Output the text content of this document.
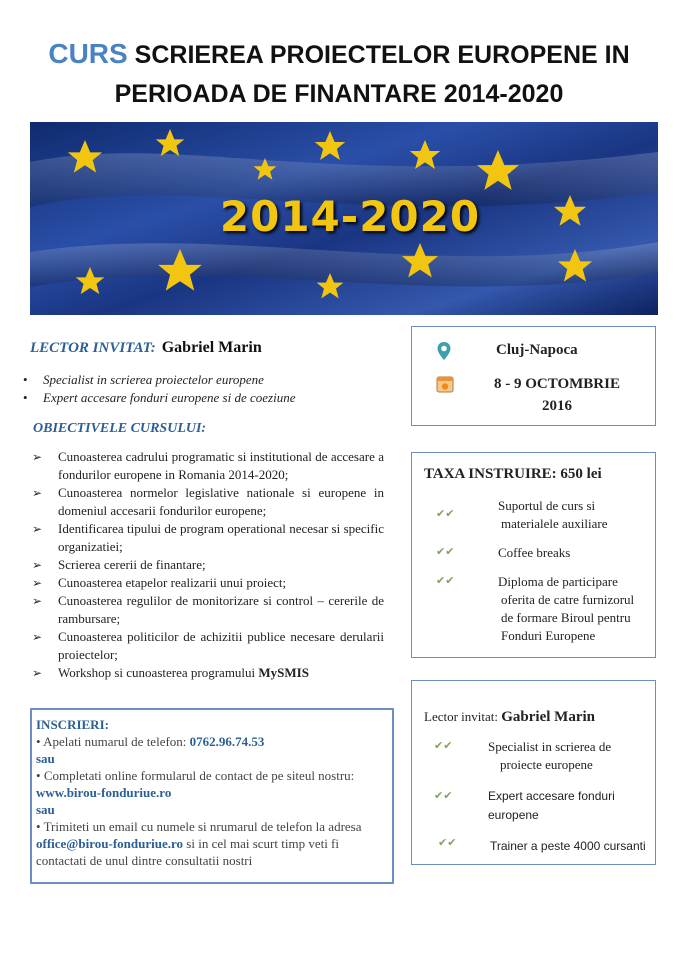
CURS SCRIEREA PROIECTELOR EUROPENE IN
PERIOADA DE FINANTARE 2014-2020
2014-2020
LECTOR INVITAT: Gabriel Marin
• Specialist in scrierea proiectelor europene
• Expert accesare fonduri europene si de coeziune
OBIECTIVELE CURSULUI:
➢ Cunoasterea cadrului programatic si institutional de accesare a fondurilor europene in Romania 2014-2020;
➢ Cunoasterea normelor legislative nationale si europene in domeniul accesarii fondurilor europene;
➢ Identificarea tipului de program operational necesar si specific organizatiei;
➢ Scrierea cererii de finantare;
➢ Cunoasterea etapelor realizarii unui proiect;
➢ Cunoasterea regulilor de monitorizare si control – cererile de rambursare;
➢ Cunoasterea politicilor de achizitii publice necesare derularii proiectelor;
➢ Workshop si cunoasterea programului MySMIS
INSCRIERI:
• Apelati numarul de telefon: 0762.96.74.53
sau
• Completati online formularul de contact de pe siteul nostru: www.birou-fonduriue.ro
sau
• Trimiteti un email cu numele si nrumarul de telefon la adresa office@birou-fonduriue.ro si in cel mai scurt timp veti fi contactati de unul dintre consultatii nostri
Cluj-Napoca
8 - 9 OCTOMBRIE
2016
TAXA INSTRUIRE: 650 lei
✔✔
Suportul de curs si
materialele auxiliare
✔✔	Coffee breaks
✔✔	Diploma de participare
oferita de catre furnizorul
de formare Biroul pentru
Fonduri Europene
Lector invitat: Gabriel Marin
✔✔	Specialist in scrierea de
proiecte europene
✔✔	Expert accesare fonduri
europene
✔✔	Trainer a peste 4000 cursanti
